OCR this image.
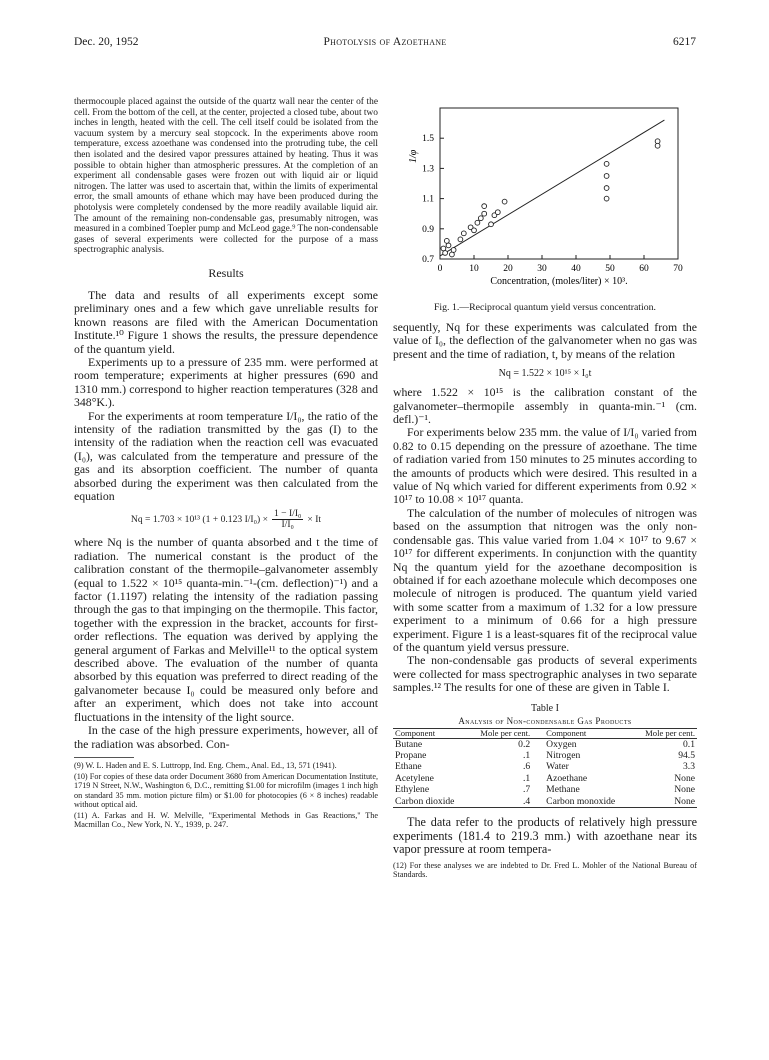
Dec. 20, 1952	Photolysis of Azoethane	6217

thermocouple placed against the outside of the quartz wall near the center of the cell. From the bottom of the cell, at the center, projected a closed tube, about two inches in length, heated with the cell. The cell itself could be isolated from the vacuum system by a mercury seal stopcock. In the experiments above room temperature, excess azoethane was condensed into the protruding tube, the cell then isolated and the desired vapor pressures attained by heating. Thus it was possible to obtain higher than atmospheric pressures. At the completion of an experiment all condensable gases were frozen out with liquid air or liquid nitrogen. The latter was used to ascertain that, within the limits of experimental error, the small amounts of ethane which may have been produced during the photolysis were completely condensed by the more readily available liquid air. The amount of the remaining non-condensable gas, presumably nitrogen, was measured in a combined Toepler pump and McLeod gage.⁹ The non-condensable gases of several experiments were collected for the purpose of a mass spectrographic analysis.

Results

The data and results of all experiments except some preliminary ones and a few which gave unreliable results for known reasons are filed with the American Documentation Institute.¹⁰ Figure 1 shows the results, the pressure dependence of the quantum yield.

Experiments up to a pressure of 235 mm. were performed at room temperature; experiments at higher pressures (690 and 1310 mm.) correspond to higher reaction temperatures (328 and 348°K.).

For the experiments at room temperature I/I₀, the ratio of the intensity of the radiation transmitted by the gas (I) to the intensity of the radiation when the reaction cell was evacuated (I₀), was calculated from the temperature and pressure of the gas and its absorption coefficient. The number of quanta absorbed during the experiment was then calculated from the equation

Nq = 1.703 × 10¹³ (1 + 0.123 $I/I_0) \times \frac{\text{1 − I/I₀}}{\text{I/I₀}} \times It$

where Nq is the number of quanta absorbed and t the time of radiation. The numerical constant is the product of the calibration constant of the thermopile–galvanometer assembly (equal to 1.522 × 10¹⁵ quanta-min.⁻¹-(cm. deflection)⁻¹) and a factor (1.1197) relating the intensity of the radiation passing through the gas to that impinging on the thermopile. This factor, together with the expression in the bracket, accounts for first-order reflections. The equation was derived by applying the general argument of Farkas and Melville¹¹ to the optical system described above. The evaluation of the number of quanta absorbed by this equation was preferred to direct reading of the galvanometer because I₀ could be measured only before and after an experiment, which does not take into account fluctuations in the intensity of the light source.

In the case of the high pressure experiments, however, all of the radiation was absorbed. Con-

(9) W. L. Haden and E. S. Luttropp, Ind. Eng. Chem., Anal. Ed., 13, 571 (1941).

(10) For copies of these data order Document 3680 from American Documentation Institute, 1719 N Street, N.W., Washington 6, D.C., remitting $1.00 for microfilm (images 1 inch high on standard 35 mm. motion picture film) or $1.00 for photocopies (6 × 8 inches) readable without optical aid.

(11) A. Farkas and H. W. Melville, "Experimental Methods in Gas Reactions," The Macmillan Co., New York, N. Y., 1939, p. 247.

0	10	20	30	40	50	60	70
0.7
0.9
1.1
1.3
1.5
Concentration, (moles/liter) × 10³.
1/φ
Fig. 1.—Reciprocal quantum yield versus concentration.

sequently, Nq for these experiments was calculated from the value of I₀, the deflection of the galvanometer when no gas was present and the time of radiation, t, by means of the relation

Nq = 1.522 × 10¹⁵ × I₀t

where 1.522 × 10¹⁵ is the calibration constant of the galvanometer–thermopile assembly in quanta-min.⁻¹ (cm. defl.)⁻¹.

For experiments below 235 mm. the value of I/I₀ varied from 0.82 to 0.15 depending on the pressure of azoethane. The time of radiation varied from 150 minutes to 25 minutes according to the amounts of products which were desired. This resulted in a value of Nq which varied for different experiments from 0.92 × 10¹⁷ to 10.08 × 10¹⁷ quanta.

The calculation of the number of molecules of nitrogen was based on the assumption that nitrogen was the only non-condensable gas. This value varied from 1.04 × 10¹⁷ to 9.67 × 10¹⁷ for different experiments. In conjunction with the quantity Nq the quantum yield for the azoethane decomposition is obtained if for each azoethane molecule which decomposes one molecule of nitrogen is produced. The quantum yield varied with some scatter from a maximum of 1.32 for a low pressure experiment to a minimum of 0.66 for a high pressure experiment. Figure 1 is a least-squares fit of the reciprocal value of the quantum yield versus pressure.

The non-condensable gas products of several experiments were collected for mass spectrographic analyses in two separate samples.¹² The results for one of these are given in Table I.

Table I
Analysis of Non-condensable Gas Products
Component	Mole per cent.	Component	Mole per cent.
Butane	0.2	Oxygen	0.1
Propane	.1	Nitrogen	94.5
Ethane	.6	Water	3.3
Acetylene	.1	Azoethane	None
Ethylene	.7	Methane	None
Carbon dioxide	.4	Carbon monoxide	None

The data refer to the products of relatively high pressure experiments (181.4 to 219.3 mm.) with azoethane near its vapor pressure at room tempera-

(12) For these analyses we are indebted to Dr. Fred L. Mohler of the National Bureau of Standards.
